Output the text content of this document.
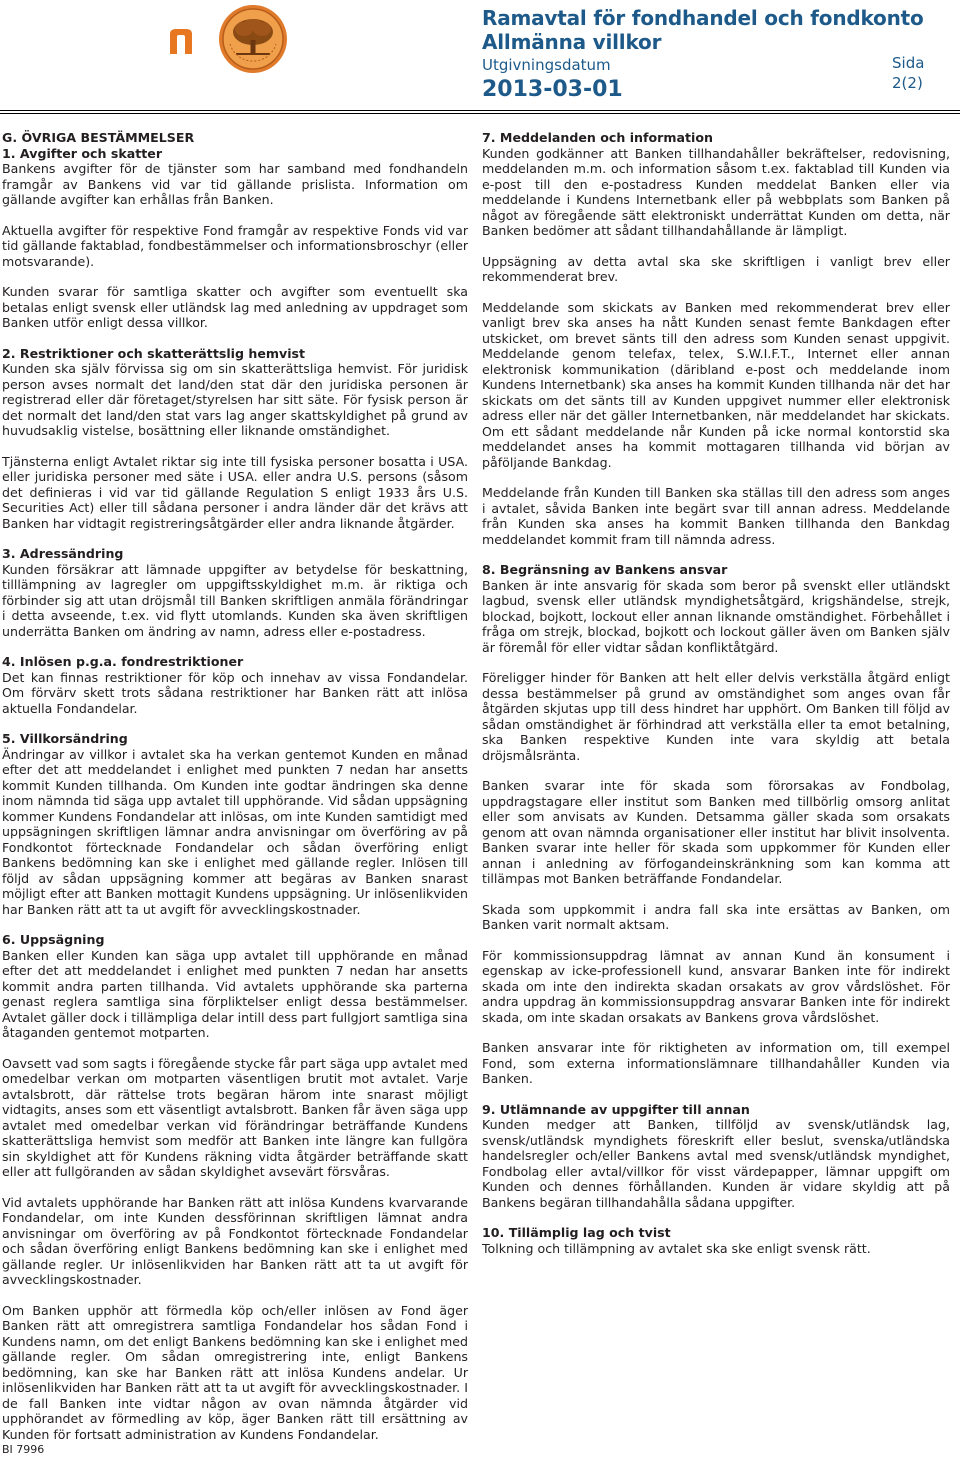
Ramavtal för fondhandel och fondkonto
Allmänna villkor
Utgivningsdatum
2013-03-01
Sida
2(2)
G. ÖVRIGA BESTÄMMELSER
1. Avgifter och skatter

Bankens avgifter för de tjänster som har samband med fondhandeln framgår av Bankens vid var tid gällande prislista. Information om gällande avgifter kan erhållas från Banken.

Aktuella avgifter för respektive Fond framgår av respektive Fonds vid var tid gällande faktablad, fondbestämmelser och informationsbroschyr (eller motsvarande).

Kunden svarar för samtliga skatter och avgifter som eventuellt ska betalas enligt svensk eller utländsk lag med anledning av uppdraget som Banken utför enligt dessa villkor.

2. Restriktioner och skatterättslig hemvist

Kunden ska själv förvissa sig om sin skatterättsliga hemvist. För juridisk person avses normalt det land/den stat där den juridiska personen är registrerad eller där företaget/styrelsen har sitt säte. För fysisk person är det normalt det land/den stat vars lag anger skattskyldighet på grund av huvudsaklig vistelse, bosättning eller liknande omständighet.

Tjänsterna enligt Avtalet riktar sig inte till fysiska personer bosatta i USA. eller juridiska personer med säte i USA. eller andra U.S. persons (såsom det definieras i vid var tid gällande Regulation S enligt 1933 års U.S. Securities Act) eller till sådana personer i andra länder där det krävs att Banken har vidtagit registreringsåtgärder eller andra liknande åtgärder.

3. Adressändring

Kunden försäkrar att lämnade uppgifter av betydelse för beskattning, tilllämpning av lagregler om uppgiftsskyldighet m.m. är riktiga och förbinder sig att utan dröjsmål till Banken skriftligen anmäla förändringar i detta avseende, t.ex. vid flytt utomlands. Kunden ska även skriftligen underrätta Banken om ändring av namn, adress eller e-postadress.

4. Inlösen p.g.a. fondrestriktioner

Det kan finnas restriktioner för köp och innehav av vissa Fondandelar. Om förvärv skett trots sådana restriktioner har Banken rätt att inlösa aktuella Fondandelar.

5. Villkorsändring

Ändringar av villkor i avtalet ska ha verkan gentemot Kunden en månad efter det att meddelandet i enlighet med punkten 7 nedan har ansetts kommit Kunden tillhanda. Om Kunden inte godtar ändringen ska denne inom nämnda tid säga upp avtalet till upphörande. Vid sådan uppsägning kommer Kundens Fondandelar att inlösas, om inte Kunden samtidigt med uppsägningen skriftligen lämnar andra anvisningar om överföring av på Fondkontot förtecknade Fondandelar och sådan överföring enligt Bankens bedömning kan ske i enlighet med gällande regler. Inlösen till följd av sådan uppsägning kommer att begäras av Banken snarast möjligt efter att Banken mottagit Kundens uppsägning. Ur inlösenlikviden har Banken rätt att ta ut avgift för avvecklingskostnader.

6. Uppsägning

Banken eller Kunden kan säga upp avtalet till upphörande en månad efter det att meddelandet i enlighet med punkten 7 nedan har ansetts kommit andra parten tillhanda. Vid avtalets upphörande ska parterna genast reglera samtliga sina förpliktelser enligt dessa bestämmelser. Avtalet gäller dock i tillämpliga delar intill dess part fullgjort samtliga sina åtaganden gentemot motparten.

Oavsett vad som sagts i föregående stycke får part säga upp avtalet med omedelbar verkan om motparten väsentligen brutit mot avtalet. Varje avtalsbrott, där rättelse trots begäran härom inte snarast möjligt vidtagits, anses som ett väsentligt avtalsbrott. Banken får även säga upp avtalet med omedelbar verkan vid förändringar beträffande Kundens skatterättsliga hemvist som medför att Banken inte längre kan fullgöra sin skyldighet att för Kundens räkning vidta åtgärder beträffande skatt eller att fullgöranden av sådan skyldighet avsevärt försvåras.

Vid avtalets upphörande har Banken rätt att inlösa Kundens kvarvarande Fondandelar, om inte Kunden dessförinnan skriftligen lämnat andra anvisningar om överföring av på Fondkontot förtecknade Fondandelar och sådan överföring enligt Bankens bedömning kan ske i enlighet med gällande regler. Ur inlösenlikviden har Banken rätt att ta ut avgift för avvecklingskostnader.

Om Banken upphör att förmedla köp och/eller inlösen av Fond äger Banken rätt att omregistrera samtliga Fondandelar hos sådan Fond i Kundens namn, om det enligt Bankens bedömning kan ske i enlighet med gällande regler. Om sådan omregistrering inte, enligt Bankens bedömning, kan ske har Banken rätt att inlösa Kundens andelar. Ur inlösenlikviden har Banken rätt att ta ut avgift för avvecklingskostnader. I de fall Banken inte vidtar någon av ovan nämnda åtgärder vid upphörandet av förmedling av köp, äger Banken rätt till ersättning av Kunden för fortsatt administration av Kundens Fondandelar.

7. Meddelanden och information

Kunden godkänner att Banken tillhandahåller bekräftelser, redovisning, meddelanden m.m. och information såsom t.ex. faktablad till Kunden via e-post till den e-postadress Kunden meddelat Banken eller via meddelande i Kundens Internetbank eller på webbplats som Banken på något av föregående sätt elektroniskt underrättat Kunden om detta, när Banken bedömer att sådant tillhandahållande är lämpligt.

Uppsägning av detta avtal ska ske skriftligen i vanligt brev eller rekommenderat brev.

Meddelande som skickats av Banken med rekommenderat brev eller vanligt brev ska anses ha nått Kunden senast femte Bankdagen efter utskicket, om brevet sänts till den adress som Kunden senast uppgivit. Meddelande genom telefax, telex, S.W.I.F.T., Internet eller annan elektronisk kommunikation (däribland e-post och meddelande inom Kundens Internetbank) ska anses ha kommit Kunden tillhanda när det har skickats om det sänts till av Kunden uppgivet nummer eller elektronisk adress eller när det gäller Internetbanken, när meddelandet har skickats. Om ett sådant meddelande når Kunden på icke normal kontorstid ska meddelandet anses ha kommit mottagaren tillhanda vid början av påföljande Bankdag.

Meddelande från Kunden till Banken ska ställas till den adress som anges i avtalet, såvida Banken inte begärt svar till annan adress. Meddelande från Kunden ska anses ha kommit Banken tillhanda den Bankdag meddelandet kommit fram till nämnda adress.

8. Begränsning av Bankens ansvar

Banken är inte ansvarig för skada som beror på svenskt eller utländskt lagbud, svensk eller utländsk myndighetsåtgärd, krigshändelse, strejk, blockad, bojkott, lockout eller annan liknande omständighet. Förbehållet i fråga om strejk, blockad, bojkott och lockout gäller även om Banken själv är föremål för eller vidtar sådan konfliktåtgärd.

Föreligger hinder för Banken att helt eller delvis verkställa åtgärd enligt dessa bestämmelser på grund av omständighet som anges ovan får åtgärden skjutas upp till dess hindret har upphört. Om Banken till följd av sådan omständighet är förhindrad att verkställa eller ta emot betalning, ska Banken respektive Kunden inte vara skyldig att betala dröjsmålsränta.

Banken svarar inte för skada som förorsakas av Fondbolag, uppdragstagare eller institut som Banken med tillbörlig omsorg anlitat eller som anvisats av Kunden. Detsamma gäller skada som orsakats genom att ovan nämnda organisationer eller institut har blivit insolventa. Banken svarar inte heller för skada som uppkommer för Kunden eller annan i anledning av förfogandeinskränkning som kan komma att tillämpas mot Banken beträffande Fondandelar.

Skada som uppkommit i andra fall ska inte ersättas av Banken, om Banken varit normalt aktsam.

För kommissionsuppdrag lämnat av annan Kund än konsument i egenskap av icke-professionell kund, ansvarar Banken inte för indirekt skada om inte den indirekta skadan orsakats av grov vårdslöshet. För andra uppdrag än kommissionsuppdrag ansvarar Banken inte för indirekt skada, om inte skadan orsakats av Bankens grova vårdslöshet.

Banken ansvarar inte för riktigheten av information om, till exempel Fond, som externa informationslämnare tillhandahåller Kunden via Banken.

9. Utlämnande av uppgifter till annan

Kunden medger att Banken, tillföljd av svensk/utländsk lag, svensk/utländsk myndighets föreskrift eller beslut, svenska/utländska handelsregler och/eller Bankens avtal med svensk/utländsk myndighet, Fondbolag eller avtal/villkor för visst värdepapper, lämnar uppgift om Kunden och dennes förhållanden. Kunden är vidare skyldig att på Bankens begäran tillhandahålla sådana uppgifter.

10. Tillämplig lag och tvist

Tolkning och tillämpning av avtalet ska ske enligt svensk rätt.

BI 7996
